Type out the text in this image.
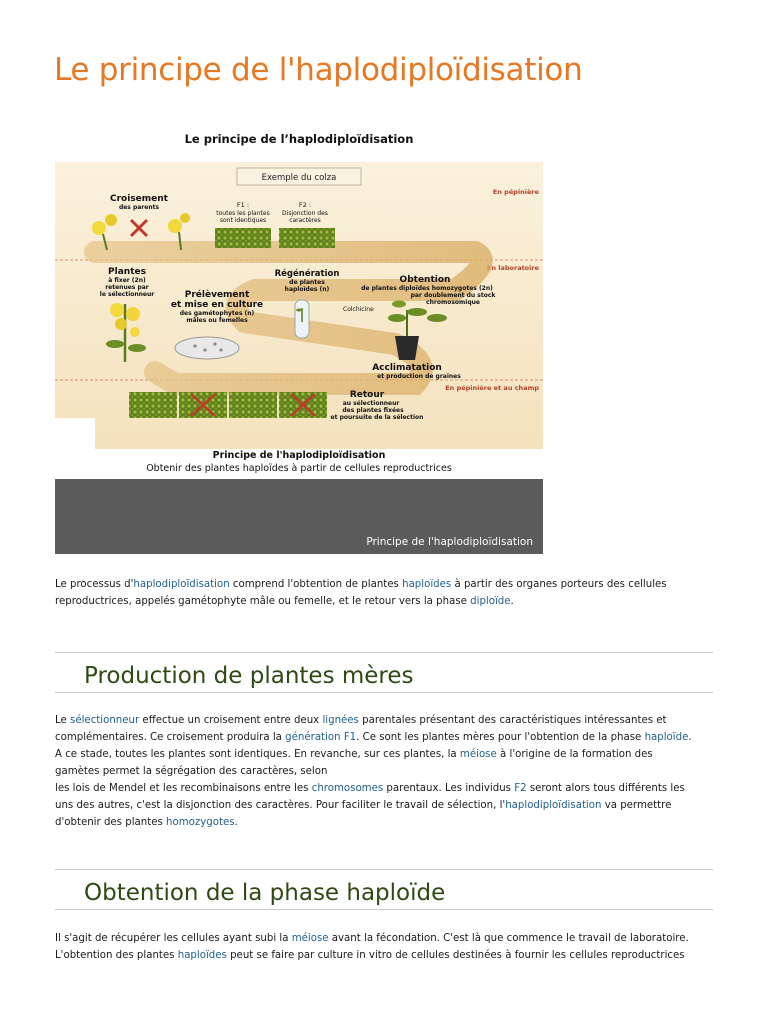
Le principe de l'haplodiploïdisation
Le principe de l’haplodiploïdisation
Exemple du colza
En pépinière
En laboratoire
En pépinière et au champ
Croisement
des parents	F1 :
toutes les plantes
sont identiques
F2 :
Disjonction des
caractères
Plantes
à fixer (2n)
retenues par
le sélectionneur	Prélèvement
et mise en culture
des gamétophytes (n)
mâles ou femelles
Régénération
de plantes
haploïdes (n)
Obtention
de plantes diploïdes homozygotes (2n)
par doublement du stock
chromosomique
Colchicine
Acclimatation
et production de graines
Retour
au sélectionneur
des plantes fixées
et poursuite de la sélection
Principe de l'haplodiploïdisation
Obtenir des plantes haploïdes à partir de cellules reproductrices
Principe de l'haplodiploïdisation

Le processus d'haplodiploïdisation comprend l'obtention de plantes haploïdes à partir des organes porteurs des cellules reproductrices, appelés gamétophyte mâle ou femelle, et le retour vers la phase diploïde.

Production de plantes mères

Le sélectionneur effectue un croisement entre deux lignées parentales présentant des caractéristiques intéressantes et complémentaires. Ce croisement produira la génération F1. Ce sont les plantes mères pour l'obtention de la phase haploïde. A ce stade, toutes les plantes sont identiques. En revanche, sur ces plantes, la méiose à l'origine de la formation des gamètes permet la ségrégation des caractères, selon
les lois de Mendel et les recombinaisons entre les chromosomes parentaux. Les individus F2 seront alors tous différents les uns des autres, c'est la disjonction des caractères. Pour faciliter le travail de sélection, l'haplodiploïdisation va permettre d'obtenir des plantes homozygotes.

Obtention de la phase haploïde

Il s'agit de récupérer les cellules ayant subi la méiose avant la fécondation. C'est là que commence le travail de laboratoire.
L'obtention des plantes haploïdes peut se faire par culture in vitro de cellules destinées à fournir les cellules reproductrices
